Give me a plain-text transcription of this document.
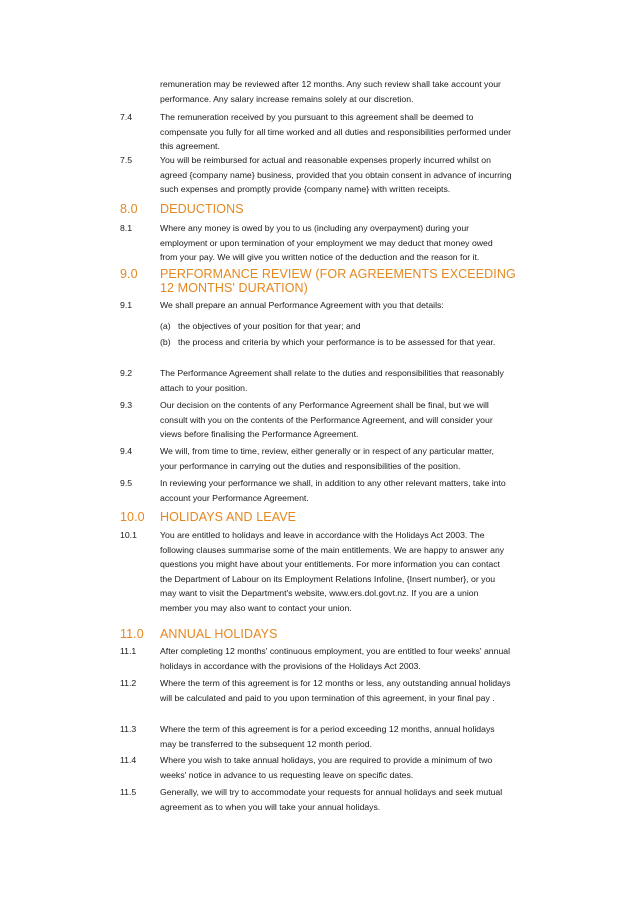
remuneration may be reviewed after 12 months. Any such review shall take account your performance. Any salary increase remains solely at our discretion.
7.4	The remuneration received by you pursuant to this agreement shall be deemed to compensate you fully for all time worked and all duties and responsibilities performed under this agreement.
7.5	You will be reimbursed for actual and reasonable expenses properly incurred whilst on agreed {company name} business, provided that you obtain consent in advance of incurring such expenses and promptly provide {company name} with written receipts.
8.0 DEDUCTIONS
8.1	Where any money is owed by you to us (including any overpayment) during your employment or upon termination of your employment we may deduct that money owed from your pay. We will give you written notice of the deduction and the reason for it.
9.0 PERFORMANCE REVIEW (FOR AGREEMENTS EXCEEDING 12 MONTHS' DURATION)
9.1	We shall prepare an annual Performance Agreement with you that details:
(a) the objectives of your position for that year; and
(b) the process and criteria by which your performance is to be assessed for that year.
9.2	The Performance Agreement shall relate to the duties and responsibilities that reasonably attach to your position.
9.3	Our decision on the contents of any Performance Agreement shall be final, but we will consult with you on the contents of the Performance Agreement, and will consider your views before finalising the Performance Agreement.
9.4	We will, from time to time, review, either generally or in respect of any particular matter, your performance in carrying out the duties and responsibilities of the position.
9.5	In reviewing your performance we shall, in addition to any other relevant matters, take into account your Performance Agreement.
10.0 HOLIDAYS AND LEAVE
10.1	You are entitled to holidays and leave in accordance with the Holidays Act 2003. The following clauses summarise some of the main entitlements. We are happy to answer any questions you might have about your entitlements. For more information you can contact the Department of Labour on its Employment Relations Infoline, {Insert number}, or you may want to visit the Department's website, www.ers.dol.govt.nz. If you are a union member you may also want to contact your union.
11.0 ANNUAL HOLIDAYS
11.1	After completing 12 months' continuous employment, you are entitled to four weeks' annual holidays in accordance with the provisions of the Holidays Act 2003.
11.2	Where the term of this agreement is for 12 months or less, any outstanding annual holidays will be calculated and paid to you upon termination of this agreement, in your final pay .
11.3	Where the term of this agreement is for a period exceeding 12 months, annual holidays may be transferred to the subsequent 12 month period.
11.4	Where you wish to take annual holidays, you are required to provide a minimum of two weeks' notice in advance to us requesting leave on specific dates.
11.5	Generally, we will try to accommodate your requests for annual holidays and seek mutual agreement as to when you will take your annual holidays.
